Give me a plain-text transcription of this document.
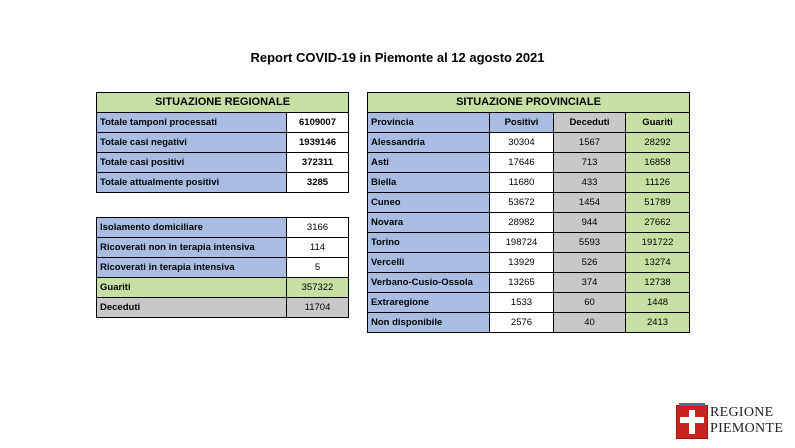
Report COVID-19 in Piemonte al 12 agosto 2021
SITUAZIONE REGIONALE	
Totale tamponi processati	6109007
Totale casi negativi	1939146
Totale casi positivi	372311
Totale attualmente positivi	3285
Isolamento domiciliare	3166
Ricoverati non in terapia intensiva	114
Ricoverati in terapia intensiva	5
Guariti	357322
Deceduti	11704
SITUAZIONE PROVINCIALE			
Provincia	Positivi	Deceduti	Guariti
Alessandria	30304	1567	28292
Asti	17646	713	16858
Biella	11680	433	11126
Cuneo	53672	1454	51789
Novara	28982	944	27662
Torino	198724	5593	191722
Vercelli	13929	526	13274
Verbano-Cusio-Ossola	13265	374	12738
Extraregione	1533	60	1448
Non disponibile	2576	40	2413
REGIONE
PIEMONTE
